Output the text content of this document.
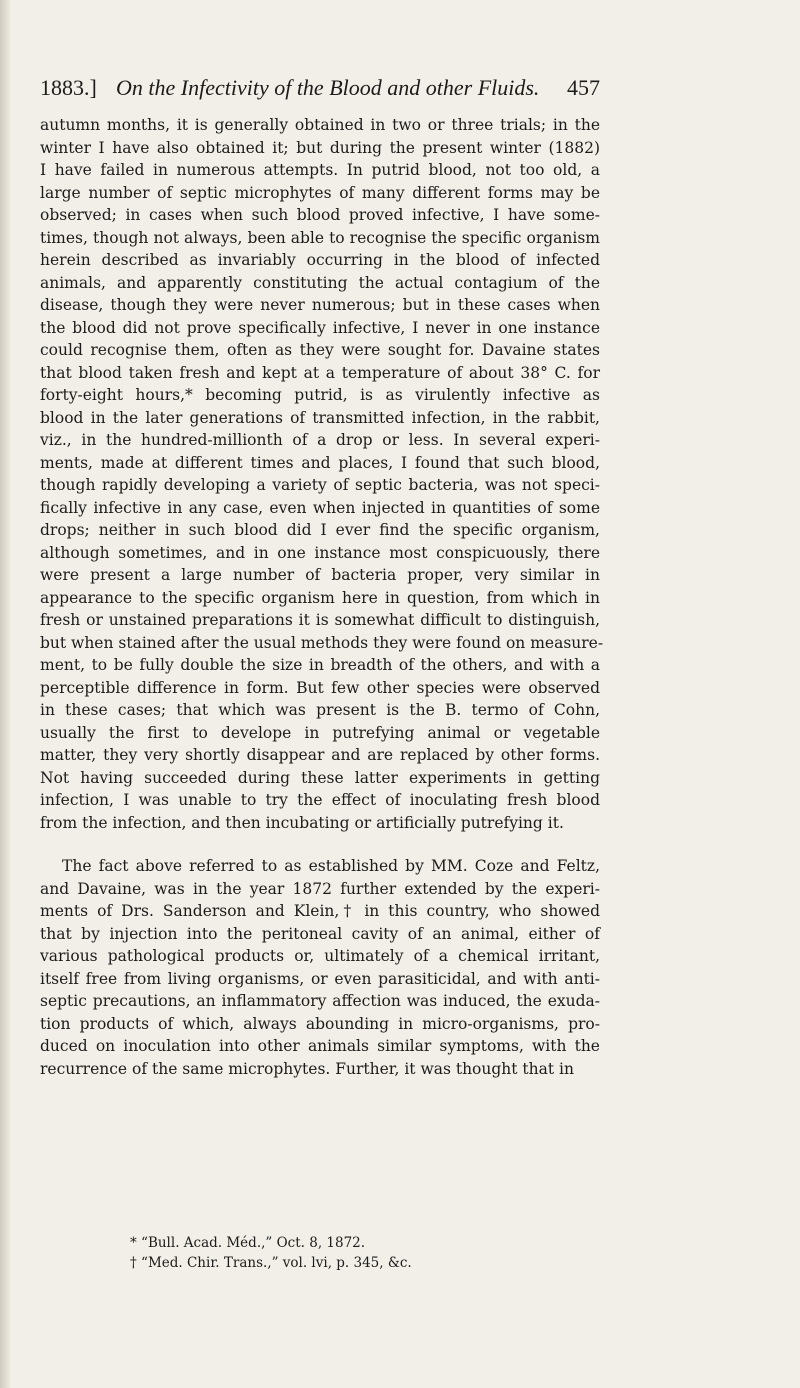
1883.] On the Infectivity of the Blood and other Fluids. 457
autumn months, it is generally obtained in two or three trials; in the
winter I have also obtained it; but during the present winter (1882)
I have failed in numerous attempts. In putrid blood, not too old, a
large number of septic microphytes of many different forms may be
observed; in cases when such blood proved infective, I have some-
times, though not always, been able to recognise the specific organism
herein described as invariably occurring in the blood of infected
animals, and apparently constituting the actual contagium of the
disease, though they were never numerous; but in these cases when
the blood did not prove specifically infective, I never in one instance
could recognise them, often as they were sought for. Davaine states
that blood taken fresh and kept at a temperature of about 38° C. for
forty-eight hours,* becoming putrid, is as virulently infective as
blood in the later generations of transmitted infection, in the rabbit,
viz., in the hundred-millionth of a drop or less. In several experi-
ments, made at different times and places, I found that such blood,
though rapidly developing a variety of septic bacteria, was not speci-
fically infective in any case, even when injected in quantities of some
drops; neither in such blood did I ever find the specific organism,
although sometimes, and in one instance most conspicuously, there
were present a large number of bacteria proper, very similar in
appearance to the specific organism here in question, from which in
fresh or unstained preparations it is somewhat difficult to distinguish,
but when stained after the usual methods they were found on measure-
ment, to be fully double the size in breadth of the others, and with a
perceptible difference in form. But few other species were observed
in these cases; that which was present is the B. termo of Cohn,
usually the first to develope in putrefying animal or vegetable
matter, they very shortly disappear and are replaced by other forms.
Not having succeeded during these latter experiments in getting
infection, I was unable to try the effect of inoculating fresh blood
from the infection, and then incubating or artificially putrefying it.
The fact above referred to as established by MM. Coze and Feltz,
and Davaine, was in the year 1872 further extended by the experi-
ments of Drs. Sanderson and Klein,† in this country, who showed
that by injection into the peritoneal cavity of an animal, either of
various pathological products or, ultimately of a chemical irritant,
itself free from living organisms, or even parasiticidal, and with anti-
septic precautions, an inflammatory affection was induced, the exuda-
tion products of which, always abounding in micro-organisms, pro-
duced on inoculation into other animals similar symptoms, with the
recurrence of the same microphytes. Further, it was thought that in
* “Bull. Acad. Méd.,” Oct. 8, 1872.
† “Med. Chir. Trans.,” vol. lvi, p. 345, &c.
